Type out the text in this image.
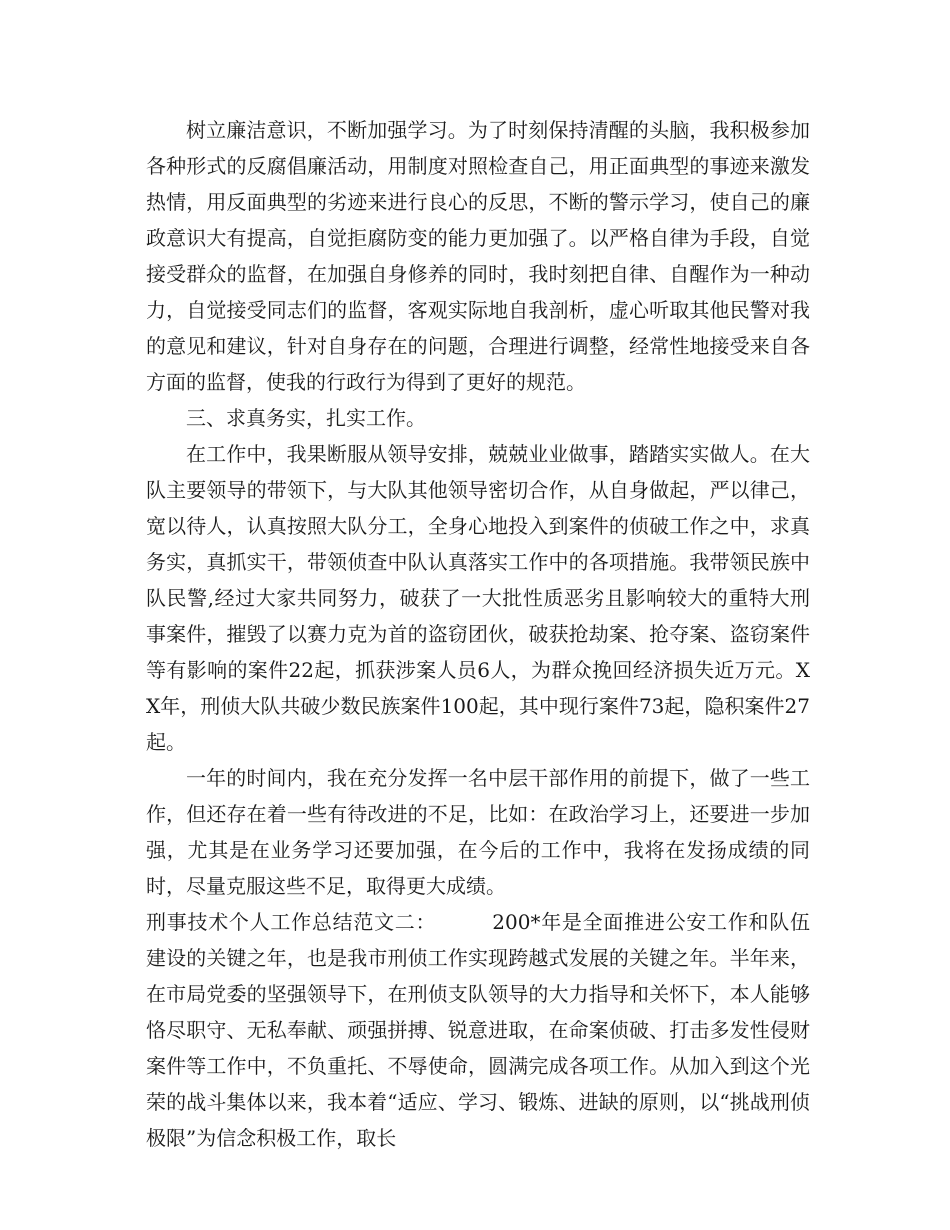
树立廉洁意识，不断加强学习。为了时刻保持清醒的头脑，我积极参加各种形式的反腐倡廉活动，用制度对照检查自己，用正面典型的事迹来激发热情，用反面典型的劣迹来进行良心的反思，不断的警示学习，使自己的廉政意识大有提高，自觉拒腐防变的能力更加强了。以严格自律为手段，自觉接受群众的监督，在加强自身修养的同时，我时刻把自律、自醒作为一种动力，自觉接受同志们的监督，客观实际地自我剖析，虚心听取其他民警对我的意见和建议，针对自身存在的问题，合理进行调整，经常性地接受来自各方面的监督，使我的行政行为得到了更好的规范。

三、求真务实，扎实工作。

在工作中，我果断服从领导安排，兢兢业业做事，踏踏实实做人。在大队主要领导的带领下，与大队其他领导密切合作，从自身做起，严以律己，宽以待人，认真按照大队分工，全身心地投入到案件的侦破工作之中，求真务实，真抓实干，带领侦查中队认真落实工作中的各项措施。我带领民族中队民警,经过大家共同努力，破获了一大批性质恶劣且影响较大的重特大刑事案件，摧毁了以赛力克为首的盗窃团伙，破获抢劫案、抢夺案、盗窃案件等有影响的案件22起，抓获涉案人员6人，为群众挽回经济损失近万元。XX年，刑侦大队共破少数民族案件100起，其中现行案件73起，隐积案件27起。

一年的时间内，我在充分发挥一名中层干部作用的前提下，做了一些工作，但还存在着一些有待改进的不足，比如：在政治学习上，还要进一步加强，尤其是在业务学习还要加强，在今后的工作中，我将在发扬成绩的同时，尽量克服这些不足，取得更大成绩。

刑事技术个人工作总结范文二：	200*年是全面推进公安工作和队伍建设的关键之年，也是我市刑侦工作实现跨越式发展的关键之年。半年来，在市局党委的坚强领导下，在刑侦支队领导的大力指导和关怀下，本人能够恪尽职守、无私奉献、顽强拼搏、锐意进取，在命案侦破、打击多发性侵财案件等工作中，不负重托、不辱使命，圆满完成各项工作。从加入到这个光荣的战斗集体以来，我本着“适应、学习、锻炼、进缺的原则，以“挑战刑侦极限”为信念积极工作，取长
